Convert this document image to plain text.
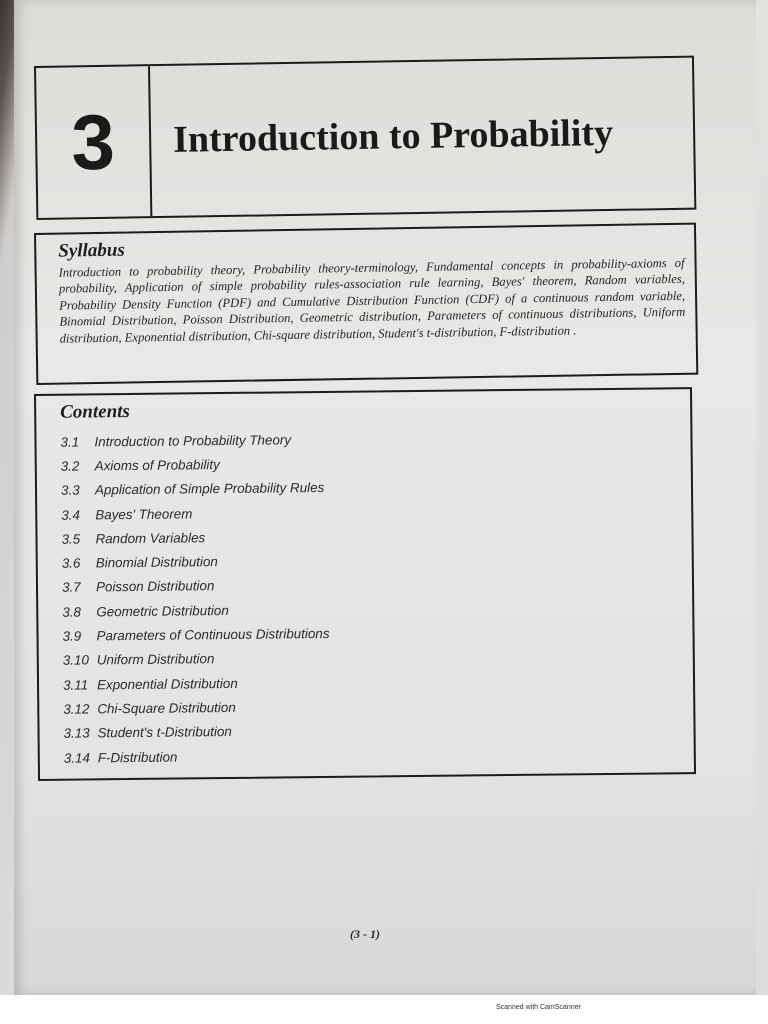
3	Introduction to Probability
Syllabus

Introduction to probability theory, Probability theory-terminology, Fundamental concepts in probability-axioms of probability, Application of simple probability rules-association rule learning, Bayes' theorem, Random variables, Probability Density Function (PDF) and Cumulative Distribution Function (CDF) of a continuous random variable, Binomial Distribution, Poisson Distribution, Geometric distribution, Parameters of continuous distributions, Uniform distribution, Exponential distribution, Chi-square distribution, Student's t-distribution, F-distribution .

Contents
3.1	Introduction to Probability Theory
3.2	Axioms of Probability
3.3	Application of Simple Probability Rules
3.4	Bayes' Theorem
3.5	Random Variables
3.6	Binomial Distribution
3.7	Poisson Distribution
3.8	Geometric Distribution
3.9	Parameters of Continuous Distributions
3.10 Uniform Distribution
3.11 Exponential Distribution
3.12 Chi-Square Distribution
3.13 Student's t-Distribution
3.14 F-Distribution
(3 - 1)
Scanned with CamScanner
